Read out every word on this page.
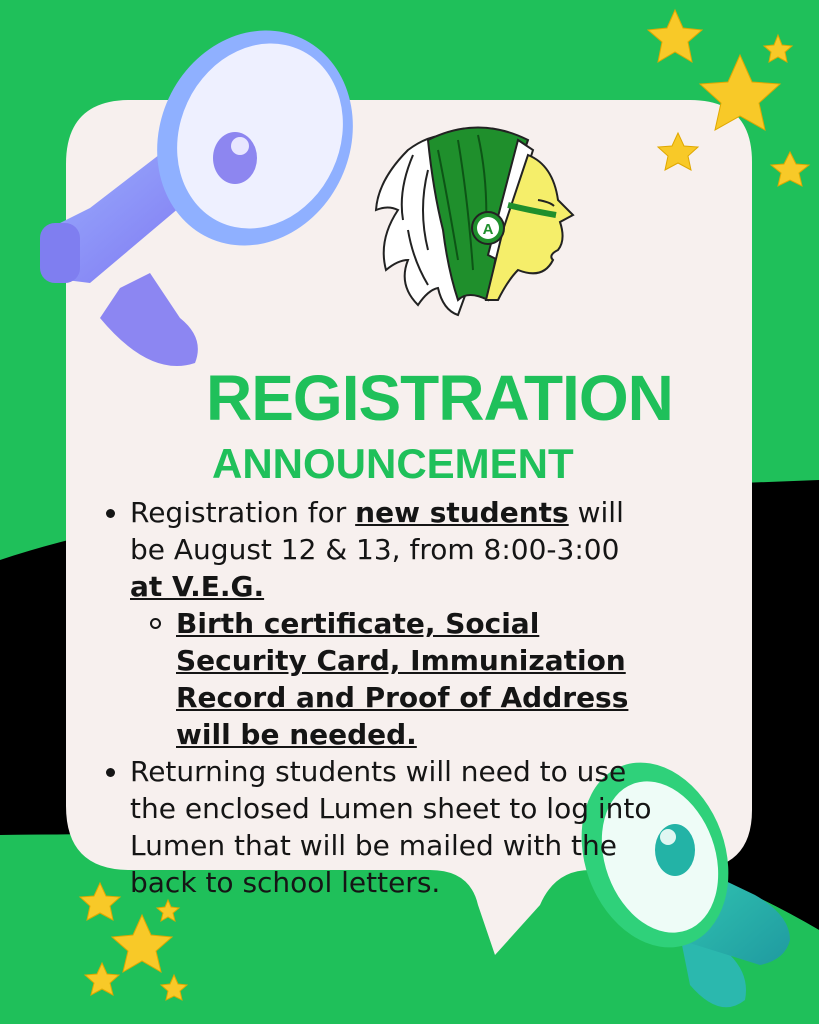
A
REGISTRATION
ANNOUNCEMENT
Registration for new students will be August 12 & 13, from 8:00-3:00 at V.E.G.
Birth certificate, Social Security Card, Immunization Record and Proof of Address will be needed.
Returning students will need to use the enclosed Lumen sheet to log into Lumen that will be mailed with the back to school letters.
